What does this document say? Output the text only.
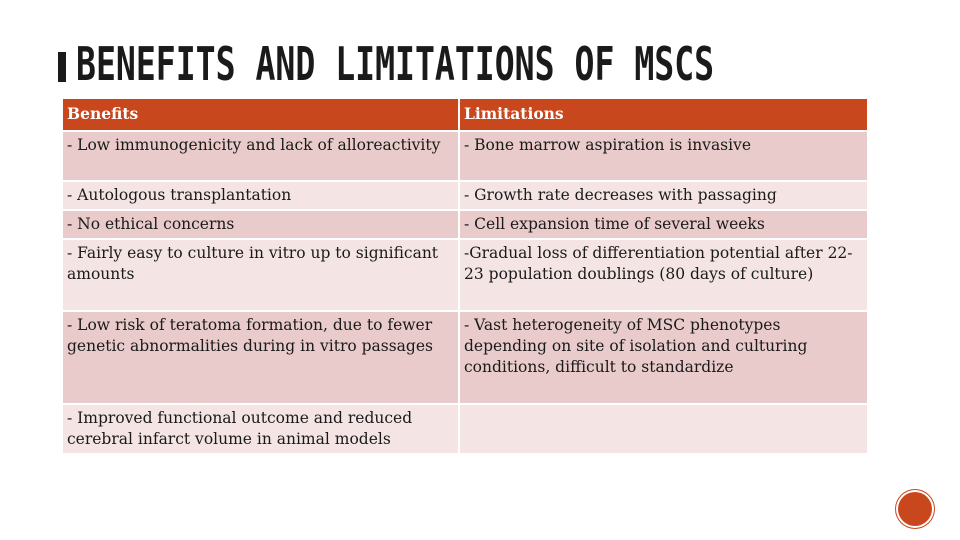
BENEFITS AND LIMITATIONS OF MSCS
Benefits	Limitations
- Low immunogenicity and lack of alloreactivity	- Bone marrow aspiration is invasive
- Autologous transplantation	- Growth rate decreases with passaging
- No ethical concerns	- Cell expansion time of several weeks
- Fairly easy to culture in vitro up to significant amounts	-Gradual loss of differentiation potential after 22-23 population doublings (80 days of culture)
- Low risk of teratoma formation, due to fewer genetic abnormalities during in vitro passages	- Vast heterogeneity of MSC phenotypes depending on site of isolation and culturing conditions, difficult to standardize
- Improved functional outcome and reduced cerebral infarct volume in animal models	
